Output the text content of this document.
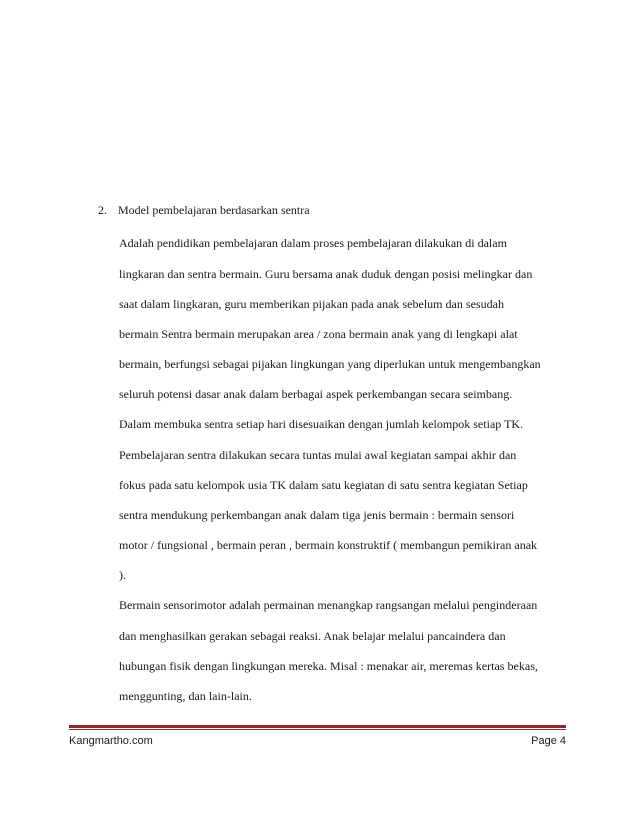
2. Model pembelajaran berdasarkan sentra
Adalah pendidikan pembelajaran dalam proses pembelajaran dilakukan di dalam
lingkaran dan sentra bermain. Guru bersama anak duduk dengan posisi melingkar dan
saat dalam lingkaran, guru memberikan pijakan pada anak sebelum dan sesudah
bermain Sentra bermain merupakan area / zona bermain anak yang di lengkapi alat
bermain, berfungsi sebagai pijakan lingkungan yang diperlukan untuk mengembangkan
seluruh potensi dasar anak dalam berbagai aspek perkembangan secara seimbang.
Dalam membuka sentra setiap hari disesuaikan dengan jumlah kelompok setiap TK.
Pembelajaran sentra dilakukan secara tuntas mulai awal kegiatan sampai akhir dan
fokus pada satu kelompok usia TK dalam satu kegiatan di satu sentra kegiatan Setiap
sentra mendukung perkembangan anak dalam tiga jenis bermain : bermain sensori
motor / fungsional , bermain peran , bermain konstruktif ( membangun pemikiran anak
).
Bermain sensorimotor adalah permainan menangkap rangsangan melalui penginderaan
dan menghasilkan gerakan sebagai reaksi. Anak belajar melalui pancaindera dan
hubungan fisik dengan lingkungan mereka. Misal : menakar air, meremas kertas bekas,
menggunting, dan lain-lain.
Kangmartho.com	Page 4
